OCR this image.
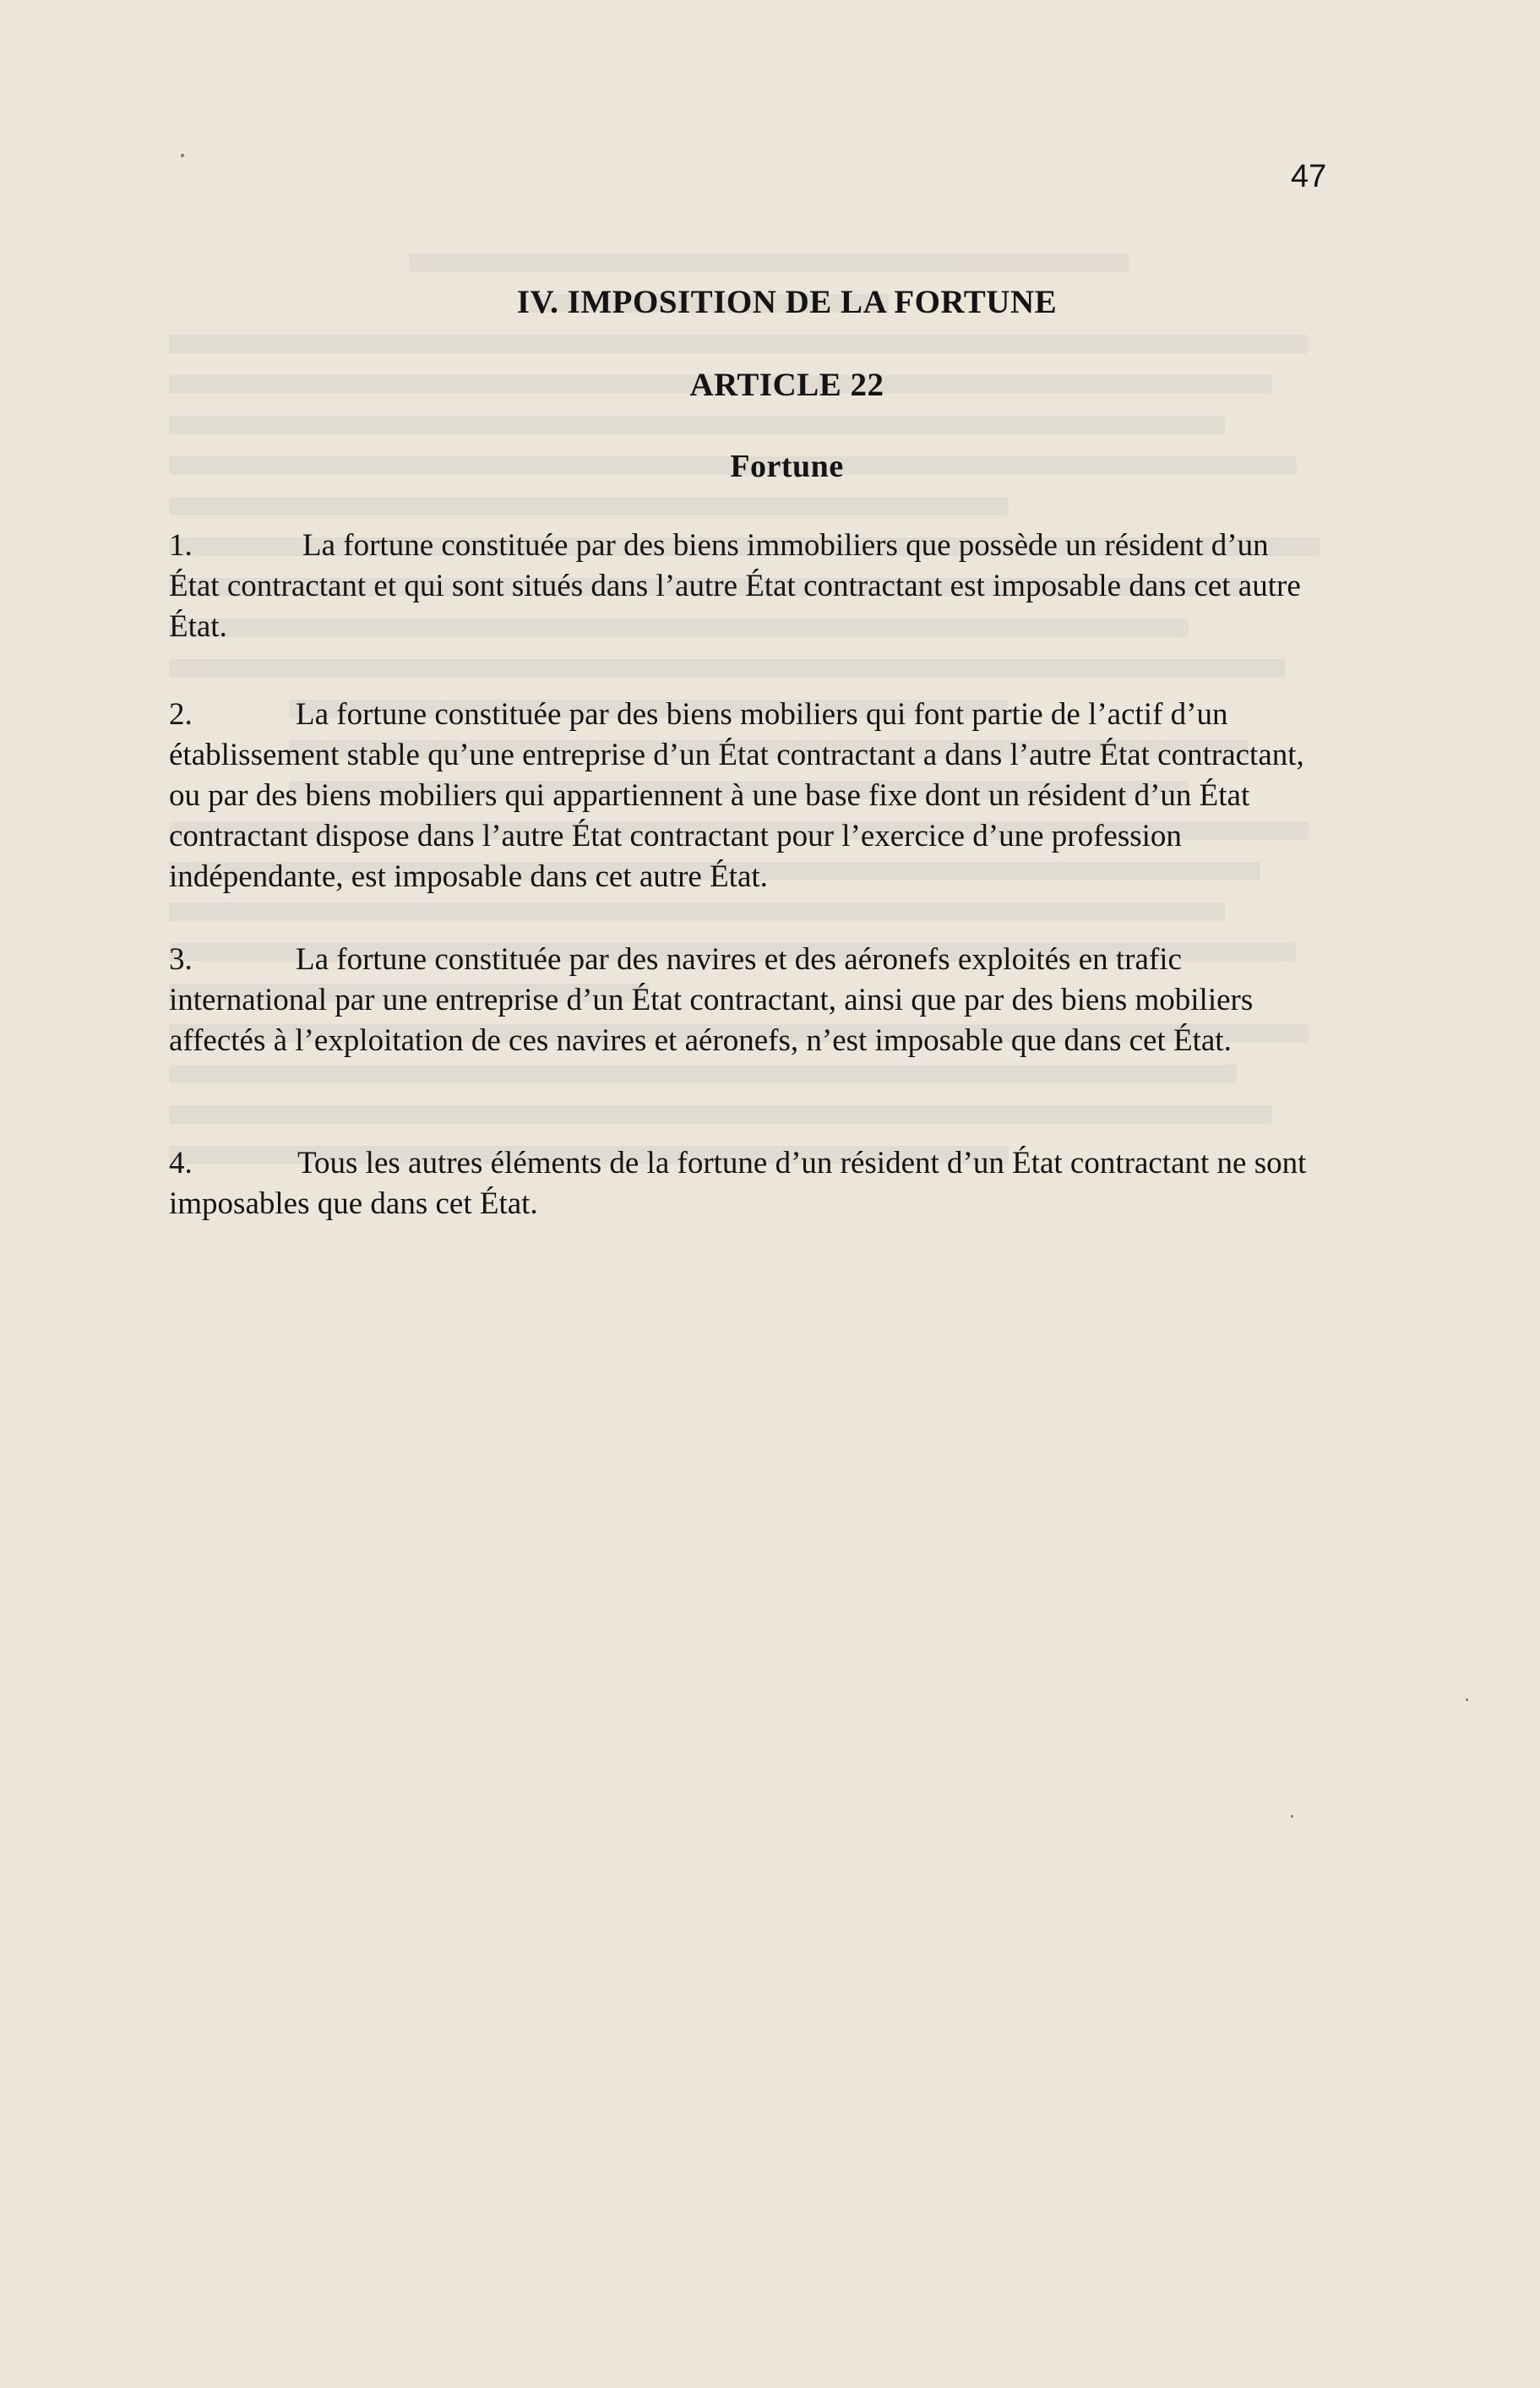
47
IV. IMPOSITION DE LA FORTUNE
ARTICLE 22
Fortune
1.	La fortune constituée par des biens immobiliers que possède un résident d’un État contractant et qui sont situés dans l’autre État contractant est imposable dans cet autre État.
2.	La fortune constituée par des biens mobiliers qui font partie de l’actif d’un établissement stable qu’une entreprise d’un État contractant a dans l’autre État contractant, ou par des biens mobiliers qui appartiennent à une base fixe dont un résident d’un État contractant dispose dans l’autre État contractant pour l’exercice d’une profession indépendante, est imposable dans cet autre État.
3.	La fortune constituée par des navires et des aéronefs exploités en trafic international par une entreprise d’un État contractant, ainsi que par des biens mobiliers affectés à l’exploitation de ces navires et aéronefs, n’est imposable que dans cet État.
4.	Tous les autres éléments de la fortune d’un résident d’un État contractant ne sont imposables que dans cet État.
